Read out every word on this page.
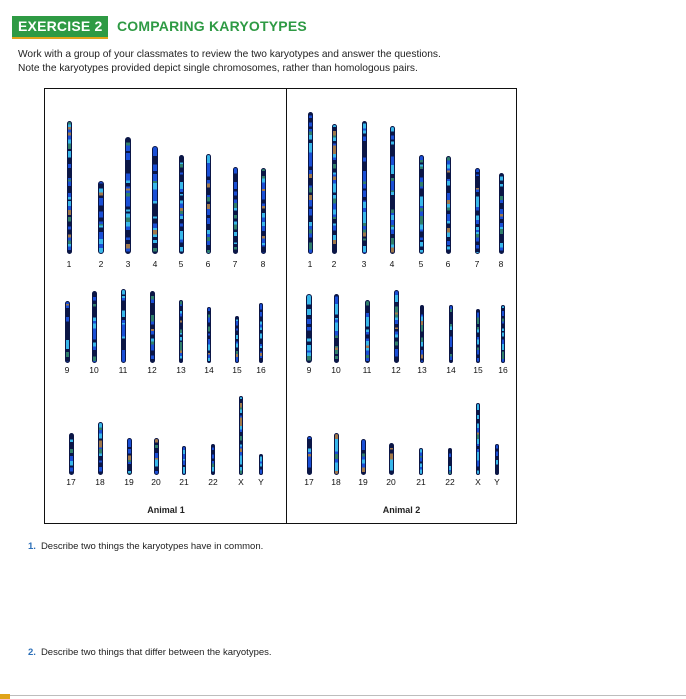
EXERCISE 2	COMPARING KARYOTYPES
Work with a group of your classmates to review the two karyotypes and answer the questions.
Note the karyotypes provided depict single chromosomes, rather than homologous pairs.
Animal 1
1	2	3	4	5	6	7	8
9	10	11	12	13	14	15	16
17	18	19	20	21	22	X	Y
Animal 2
1	2	3	4	5	6	7	8
9	10	11	12	13	14	15	16
17	18	19	20	21	22	X	Y
1. Describe two things the karyotypes have in common.
2. Describe two things that differ between the karyotypes.
